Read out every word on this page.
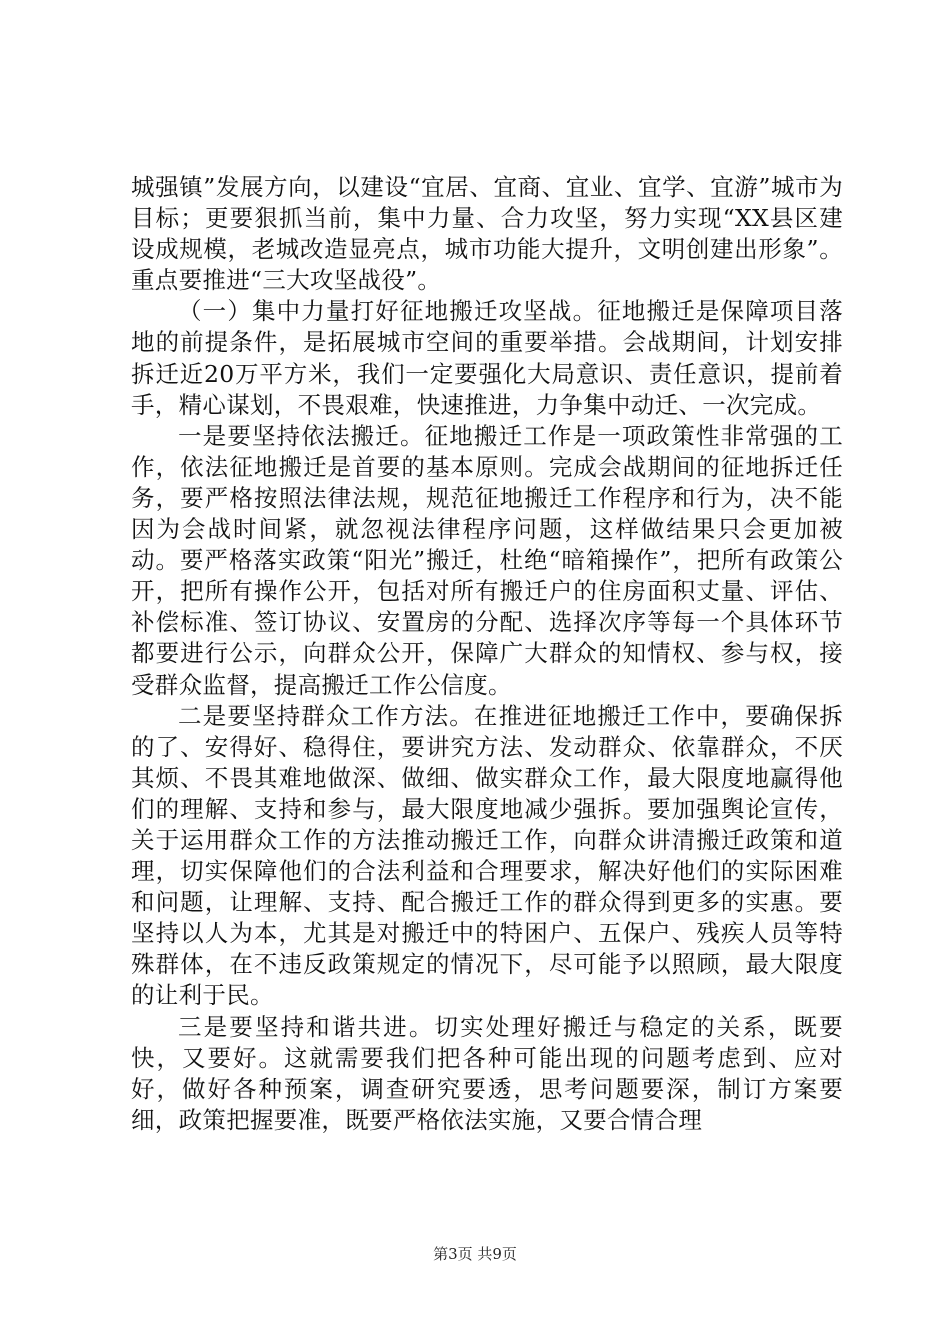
城强镇”发展方向，以建设“宜居、宜商、宜业、宜学、宜游”城市为目标；更要狠抓当前，集中力量、合力攻坚，努力实现“XX县区建设成规模，老城改造显亮点，城市功能大提升，文明创建出形象”。重点要推进“三大攻坚战役”。

（一）集中力量打好征地搬迁攻坚战。征地搬迁是保障项目落地的前提条件，是拓展城市空间的重要举措。会战期间，计划安排拆迁近20万平方米，我们一定要强化大局意识、责任意识，提前着手，精心谋划，不畏艰难，快速推进，力争集中动迁、一次完成。

一是要坚持依法搬迁。征地搬迁工作是一项政策性非常强的工作，依法征地搬迁是首要的基本原则。完成会战期间的征地拆迁任务，要严格按照法律法规，规范征地搬迁工作程序和行为，决不能因为会战时间紧，就忽视法律程序问题，这样做结果只会更加被动。要严格落实政策“阳光”搬迁，杜绝“暗箱操作”，把所有政策公开，把所有操作公开，包括对所有搬迁户的住房面积丈量、评估、补偿标准、签订协议、安置房的分配、选择次序等每一个具体环节都要进行公示，向群众公开，保障广大群众的知情权、参与权，接受群众监督，提高搬迁工作公信度。

二是要坚持群众工作方法。在推进征地搬迁工作中，要确保拆的了、安得好、稳得住，要讲究方法、发动群众、依靠群众，不厌其烦、不畏其难地做深、做细、做实群众工作，最大限度地赢得他们的理解、支持和参与，最大限度地减少强拆。要加强舆论宣传，关于运用群众工作的方法推动搬迁工作，向群众讲清搬迁政策和道理，切实保障他们的合法利益和合理要求，解决好他们的实际困难和问题，让理解、支持、配合搬迁工作的群众得到更多的实惠。要坚持以人为本，尤其是对搬迁中的特困户、五保户、残疾人员等特殊群体，在不违反政策规定的情况下，尽可能予以照顾，最大限度的让利于民。

三是要坚持和谐共进。切实处理好搬迁与稳定的关系，既要快，又要好。这就需要我们把各种可能出现的问题考虑到、应对好，做好各种预案，调查研究要透，思考问题要深，制订方案要细，政策把握要准，既要严格依法实施，又要合情合理

第3页 共9页
